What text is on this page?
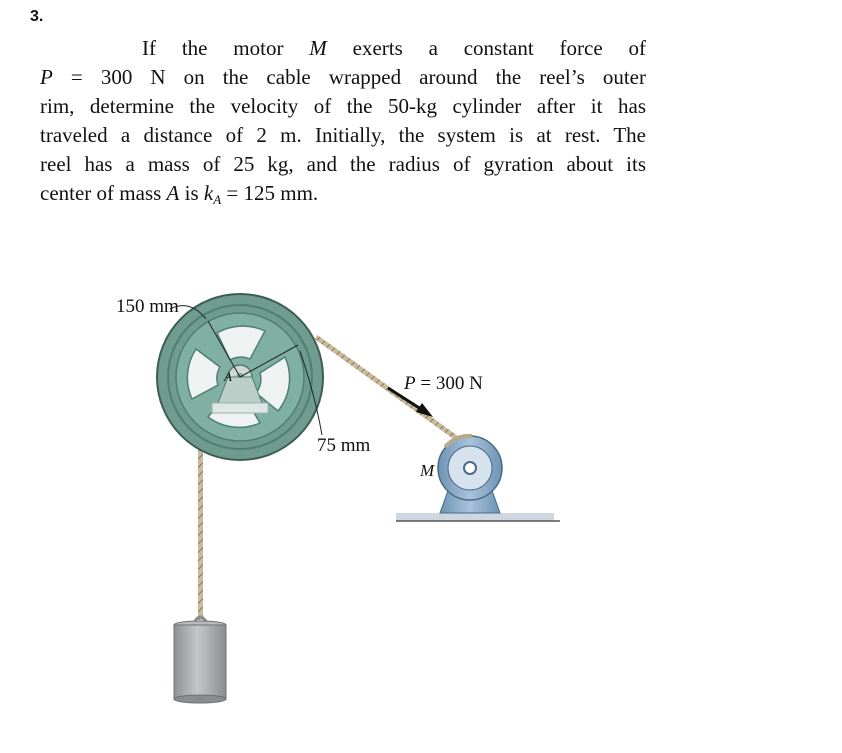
3.

If the motor M exerts a constant force of
P = 300 N on the cable wrapped around the reel’s outer
rim, determine the velocity of the 50-kg cylinder after it has
traveled a distance of 2 m. Initially, the system is at rest. The
reel has a mass of 25 kg, and the radius of gyration about its
center of mass A is $k_A = 125$ mm.

150 mm
75 mm
P = 300 N
M
A
